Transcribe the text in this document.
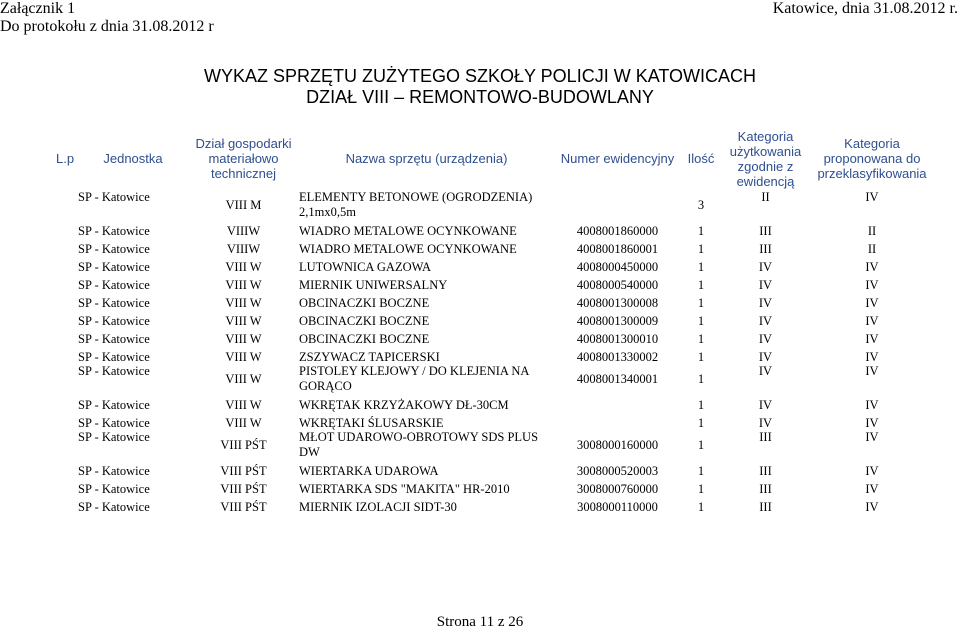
Załącznik 1
Do protokołu z dnia 31.08.2012 r
Katowice, dnia 31.08.2012 r.
WYKAZ SPRZĘTU ZUŻYTEGO SZKOŁY POLICJI W KATOWICACH
DZIAŁ VIII – REMONTOWO-BUDOWLANY
L.p	Jednostka	Dział gospodarki materiałowo technicznej	Nazwa sprzętu (urządzenia)	Numer ewidencyjny	Ilość	Kategoria użytkowania zgodnie z ewidencją	Kategoria proponowana do przeklasyfikowania
	SP - Katowice	VIII M	ELEMENTY BETONOWE (OGRODZENIA) 2,1mx0,5m		3	II	IV
	SP - Katowice	VIIIW	WIADRO METALOWE OCYNKOWANE	4008001860000	1	III	II
	SP - Katowice	VIIIW	WIADRO METALOWE OCYNKOWANE	4008001860001	1	III	II
	SP - Katowice	VIII W	LUTOWNICA GAZOWA	4008000450000	1	IV	IV
	SP - Katowice	VIII W	MIERNIK UNIWERSALNY	4008000540000	1	IV	IV
	SP - Katowice	VIII W	OBCINACZKI BOCZNE	4008001300008	1	IV	IV
	SP - Katowice	VIII W	OBCINACZKI BOCZNE	4008001300009	1	IV	IV
	SP - Katowice	VIII W	OBCINACZKI BOCZNE	4008001300010	1	IV	IV
	SP - Katowice	VIII W	ZSZYWACZ TAPICERSKI	4008001330002	1	IV	IV
	SP - Katowice	VIII W	PISTOLEY KLEJOWY / DO KLEJENIA NA GORĄCO	4008001340001	1	IV	IV
	SP - Katowice	VIII W	WKRĘTAK KRZYŻAKOWY DŁ-30CM		1	IV	IV
	SP - Katowice	VIII W	WKRĘTAKI ŚLUSARSKIE		1	IV	IV
	SP - Katowice	VIII PŚT	MŁOT UDAROWO-OBROTOWY SDS PLUS DW	3008000160000	1	III	IV
	SP - Katowice	VIII PŚT	WIERTARKA UDAROWA	3008000520003	1	III	IV
	SP - Katowice	VIII PŚT	WIERTARKA SDS "MAKITA" HR-2010	3008000760000	1	III	IV
	SP - Katowice	VIII PŚT	MIERNIK IZOLACJI SIDT-30	3008000110000	1	III	IV
Strona 11 z 26
